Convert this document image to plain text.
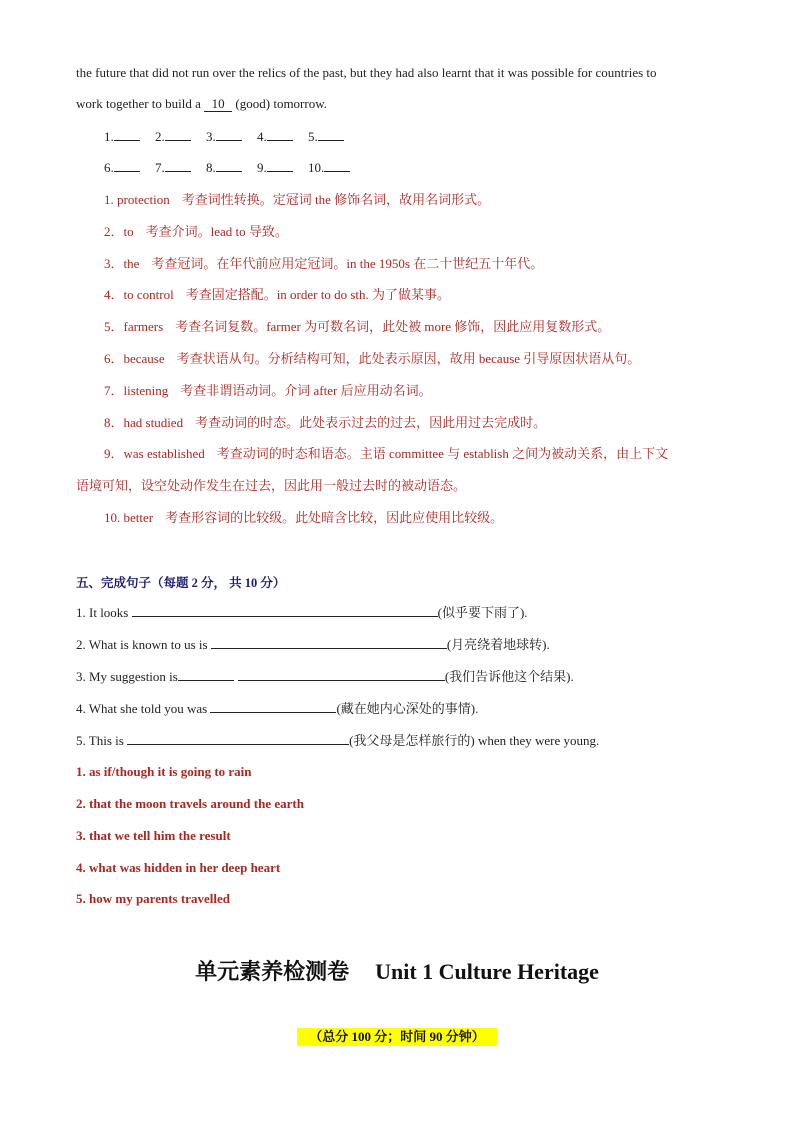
the future that did not run over the relics of the past, but they had also learnt that it was possible for countries to
work together to build a 10 (good) tomorrow.
1.	2.	3.	4.	5.
6.	7.	8.	9.	10.
1. protection 考查词性转换。定冠词 the 修饰名词，故用名词形式。
2．to 考查介词。lead to 导致。
3．the 考查冠词。在年代前应用定冠词。in the 1950s 在二十世纪五十年代。
4．to control 考查固定搭配。in order to do sth. 为了做某事。
5．farmers 考查名词复数。farmer 为可数名词，此处被 more 修饰，因此应用复数形式。
6．because 考查状语从句。分析结构可知，此处表示原因，故用 because 引导原因状语从句。
7．listening 考查非谓语动词。介词 after 后应用动名词。
8．had studied 考查动词的时态。此处表示过去的过去，因此用过去完成时。
9．was established 考查动词的时态和语态。主语 committee 与 establish 之间为被动关系，由上下文
语境可知，设空处动作发生在过去，因此用一般过去时的被动语态。
10. better 考查形容词的比较级。此处暗含比较，因此应使用比较级。
五、完成句子（每题 2 分， 共 10 分）
1. It looks	(似乎要下雨了).
2. What is known to us is	(月亮绕着地球转).
3. My suggestion is	(我们告诉他这个结果).
4. What she told you was	(藏在她内心深处的事情).
5. This is	(我父母是怎样旅行的) when they were young.
1. as if/though it is going to rain
2. that the moon travels around the earth
3. that we tell him the result
4. what was hidden in her deep heart
5. how my parents travelled
单元素养检测卷 Unit 1 Culture Heritage
（总分 100 分；时间 90 分钟）
